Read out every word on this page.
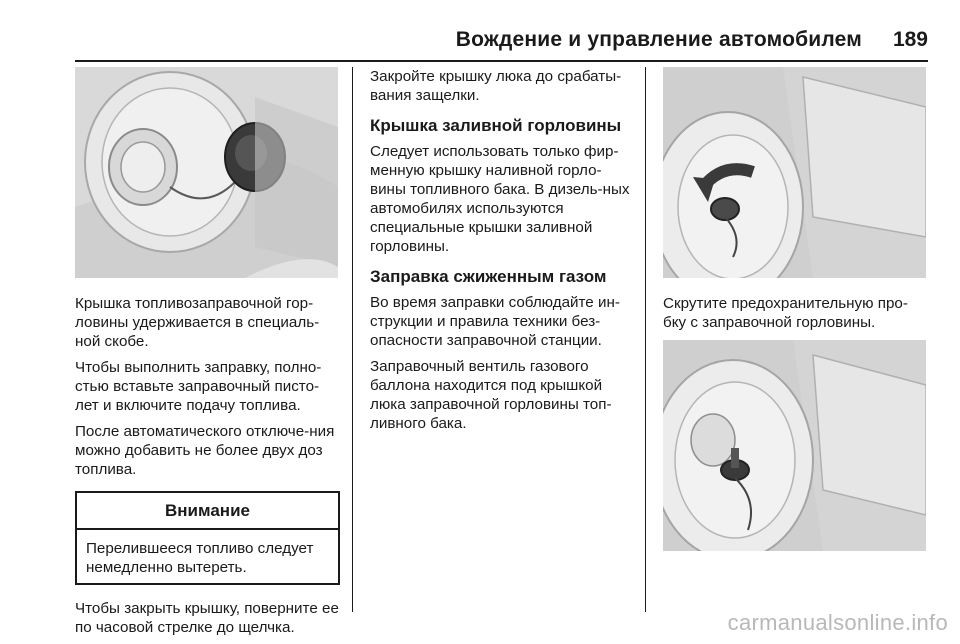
Вождение и управление автомобилем 189

Крышка топливозаправочной гор-ловины удерживается в специаль-ной скобе.

Чтобы выполнить заправку, полно-стью вставьте заправочный писто-лет и включите подачу топлива.

После автоматического отключе-ния можно добавить не более двух доз топлива.

Внимание

Перелившееся топливо следует немедленно вытереть.

Чтобы закрыть крышку, поверните ее по часовой стрелке до щелчка.

Закройте крышку люка до срабаты-вания защелки.

Крышка заливной горловины

Следует использовать только фир-менную крышку наливной горло-вины топливного бака. В дизель-ных автомобилях используются специальные крышки заливной горловины.

Заправка сжиженным газом

Во время заправки соблюдайте ин-струкции и правила техники без-опасности заправочной станции.

Заправочный вентиль газового баллона находится под крышкой люка заправочной горловины топ-ливного бака.

Скрутите предохранительную про-бку с заправочной горловины.

carmanualsonline.info
